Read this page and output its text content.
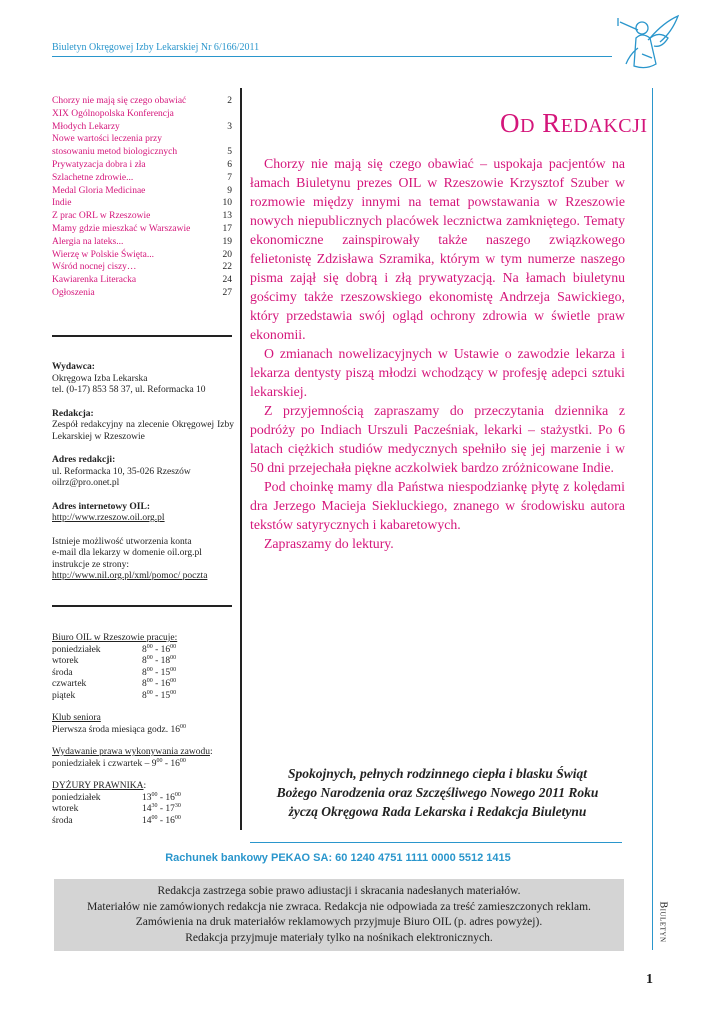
Biuletyn Okręgowej Izby Lekarskiej Nr 6/166/2011
Chorzy nie mają się czego obawiać	2
XIX Ogólnopolska Konferencja
Młodych Lekarzy	3
Nowe wartości leczenia przy
stosowaniu metod biologicznych	5
Prywatyzacja dobra i zła	6
Szlachetne zdrowie...	7
Medal Gloria Medicinae	9
Indie	10
Z prac ORL w Rzeszowie	13
Mamy gdzie mieszkać w Warszawie	17
Alergia na lateks...	19
Wierzę w Polskie Święta...	20
Wśród nocnej ciszy…	22
Kawiarenka Literacka	24
Ogłoszenia	27
Wydawca:
Okręgowa Izba Lekarska
tel. (0-17) 853 58 37, ul. Reformacka 10
Redakcja:
Zespół redakcyjny na zlecenie Okręgowej Izby Lekarskiej w Rzeszowie
Adres redakcji:
ul. Reformacka 10, 35-026 Rzeszów
oilrz@pro.onet.pl
Adres internetowy OIL:
http://www.rzeszow.oil.org.pl
Istnieje możliwość utworzenia konta
e-mail dla lekarzy w domenie oil.org.pl
instrukcje ze strony:
http://www.nil.org.pl/xml/pomoc/ poczta
Biuro OIL w Rzeszowie pracuje:
poniedziałek	$8^{00} - 16^{00}$
wtorek	$8^{00} - 18^{00}$
środa	$8^{00} - 15^{00}$
czwartek	$8^{00} - 16^{00}$
piątek	$8^{00} - 15^{00}$
Klub seniora
Pierwsza środa miesiąca godz. $16^{00}$
Wydawanie prawa wykonywania zawodu:
poniedziałek i czwartek – $9^{00} - 16^{00}$
DYŻURY PRAWNIKA:
poniedziałek	$13^{00} - 16^{00}$
wtorek	$14^{30} - 17^{30}$
środa	$14^{00} - 16^{00}$
OD REDAKCJI

Chorzy nie mają się czego obawiać – uspokaja pacjentów na łamach Biuletynu prezes OIL w Rzeszowie Krzysztof Szuber w rozmowie między innymi na temat powstawania w Rzeszowie nowych niepublicznych placówek lecznictwa zamkniętego. Tematy ekonomiczne zainspirowały także naszego związkowego felietonistę Zdzisława Szramika, którym w tym numerze naszego pisma zajął się dobrą i złą prywatyzacją. Na łamach biuletynu gościmy także rzeszowskiego ekonomistę Andrzeja Sawickiego, który przedstawia swój ogląd ochrony zdrowia w świetle praw ekonomii.

O zmianach nowelizacyjnych w Ustawie o zawodzie lekarza i lekarza dentysty piszą młodzi wchodzący w profesję adepci sztuki lekarskiej.

Z przyjemnością zapraszamy do przeczytania dziennika z podróży po Indiach Urszuli Pacześniak, lekarki – stażystki. Po 6 latach ciężkich studiów medycznych spełniło się jej marzenie i w 50 dni przejechała piękne aczkolwiek bardzo zróżnicowane Indie.

Pod choinkę mamy dla Państwa niespodziankę płytę z kolędami dra Jerzego Macieja Siekluckiego, znanego w środowisku autora tekstów satyrycznych i kabaretowych.

Zapraszamy do lektury.

Spokojnych, pełnych rodzinnego ciepła i blasku Świąt
Bożego Narodzenia oraz Szczęśliwego Nowego 2011 Roku
życzą Okręgowa Rada Lekarska i Redakcja Biuletynu
Rachunek bankowy PEKAO SA: 60 1240 4751 1111 0000 5512 1415
Redakcja zastrzega sobie prawo adiustacji i skracania nadesłanych materiałów.
Materiałów nie zamówionych redakcja nie zwraca. Redakcja nie odpowiada za treść zamieszczonych reklam.
Zamówienia na druk materiałów reklamowych przyjmuje Biuro OIL (p. adres powyżej).
Redakcja przyjmuje materiały tylko na nośnikach elektronicznych.	Biuletyn
1
